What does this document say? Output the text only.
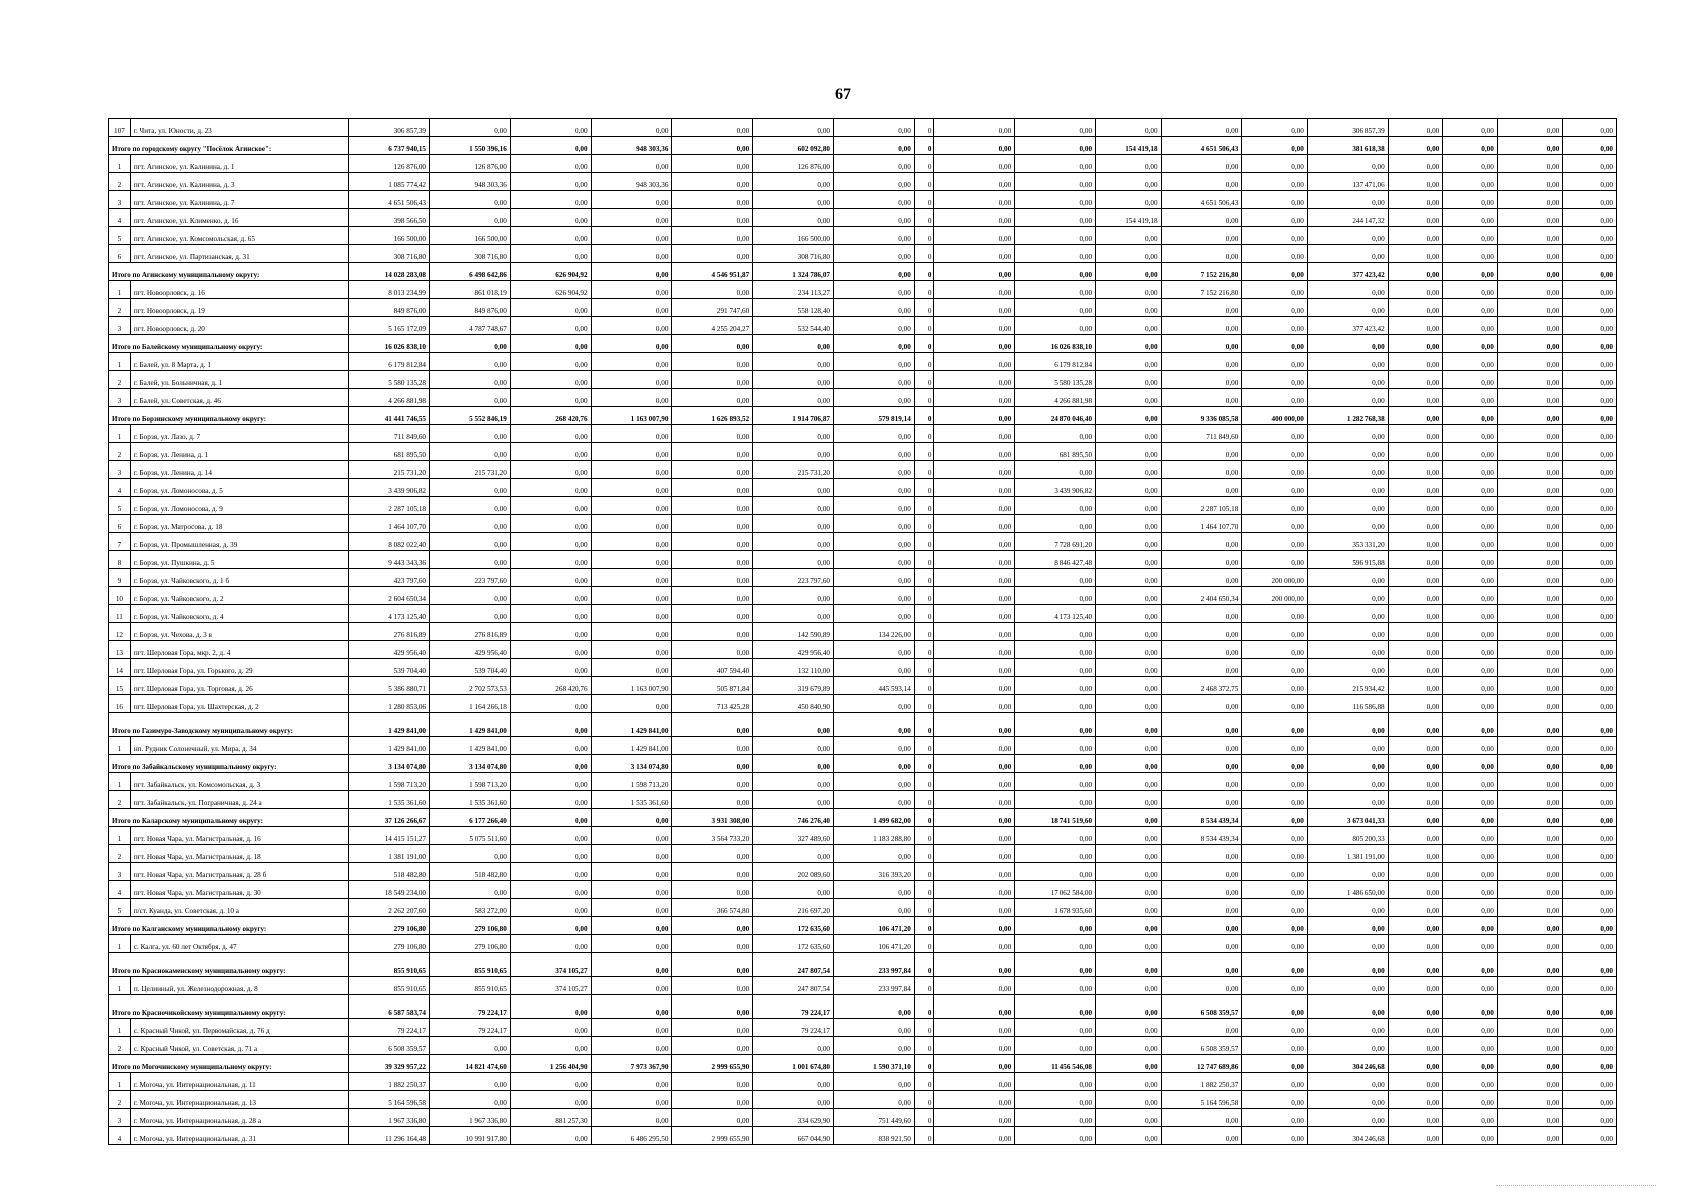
67
107	г. Чита, ул. Юности, д. 23	306 857,39	0,00	0,00	0,00	0,00	0,00	0,00	0	0,00	0,00	0,00	0,00	0,00	306 857,39	0,00	0,00	0,00	0,00
Итого по городскому округу "Посёлок Агинское":		6 737 940,15	1 550 396,16	0,00	948 303,36	0,00	602 092,80	0,00	0	0,00	0,00	154 419,18	4 651 506,43	0,00	381 618,38	0,00	0,00	0,00	0,00
1	пгт. Агинское, ул. Калинина, д. 1	126 876,00	126 876,00	0,00	0,00	0,00	126 876,00	0,00	0	0,00	0,00	0,00	0,00	0,00	0,00	0,00	0,00	0,00	0,00
2	пгт. Агинское, ул. Калинина, д. 3	1 085 774,42	948 303,36	0,00	948 303,36	0,00	0,00	0,00	0	0,00	0,00	0,00	0,00	0,00	137 471,06	0,00	0,00	0,00	0,00
3	пгт. Агинское, ул. Калинина, д. 7	4 651 506,43	0,00	0,00	0,00	0,00	0,00	0,00	0	0,00	0,00	0,00	4 651 506,43	0,00	0,00	0,00	0,00	0,00	0,00
4	пгт. Агинское, ул. Клименко, д. 16	398 566,50	0,00	0,00	0,00	0,00	0,00	0,00	0	0,00	0,00	154 419,18	0,00	0,00	244 147,32	0,00	0,00	0,00	0,00
5	пгт. Агинское, ул. Комсомольская, д. 65	166 500,00	166 500,00	0,00	0,00	0,00	166 500,00	0,00	0	0,00	0,00	0,00	0,00	0,00	0,00	0,00	0,00	0,00	0,00
6	пгт. Агинское, ул. Партизанская, д. 31	308 716,80	308 716,80	0,00	0,00	0,00	308 716,80	0,00	0	0,00	0,00	0,00	0,00	0,00	0,00	0,00	0,00	0,00	0,00
Итого по Агинскому муниципальному округу:		14 028 283,08	6 498 642,86	626 904,92	0,00	4 546 951,87	1 324 786,07	0,00	0	0,00	0,00	0,00	7 152 216,80	0,00	377 423,42	0,00	0,00	0,00	0,00
1	пгт. Новоорловск, д. 16	8 013 234,99	861 018,19	626 904,92	0,00	0,00	234 113,27	0,00	0	0,00	0,00	0,00	7 152 216,80	0,00	0,00	0,00	0,00	0,00	0,00
2	пгт. Новоорловск, д. 19	849 876,00	849 876,00	0,00	0,00	291 747,60	558 128,40	0,00	0	0,00	0,00	0,00	0,00	0,00	0,00	0,00	0,00	0,00	0,00
3	пгт. Новоорловск, д. 20	5 165 172,09	4 787 748,67	0,00	0,00	4 255 204,27	532 544,40	0,00	0	0,00	0,00	0,00	0,00	0,00	377 423,42	0,00	0,00	0,00	0,00
Итого по Балейскому муниципальному округу:		16 026 838,10	0,00	0,00	0,00	0,00	0,00	0,00	0	0,00	16 026 838,10	0,00	0,00	0,00	0,00	0,00	0,00	0,00	0,00
1	г. Балей, ул. 8 Марта, д. 1	6 179 812,84	0,00	0,00	0,00	0,00	0,00	0,00	0	0,00	6 179 812,84	0,00	0,00	0,00	0,00	0,00	0,00	0,00	0,00
2	г. Балей, ул. Больничная, д. 1	5 580 135,28	0,00	0,00	0,00	0,00	0,00	0,00	0	0,00	5 580 135,28	0,00	0,00	0,00	0,00	0,00	0,00	0,00	0,00
3	г. Балей, ул. Советская, д. 46	4 266 881,98	0,00	0,00	0,00	0,00	0,00	0,00	0	0,00	4 266 881,98	0,00	0,00	0,00	0,00	0,00	0,00	0,00	0,00
Итого по Борзинскому муниципальному округу:		41 441 746,55	5 552 846,19	268 420,76	1 163 007,90	1 626 893,52	1 914 706,87	579 819,14	0	0,00	24 870 046,40	0,00	9 336 085,58	400 000,00	1 282 768,38	0,00	0,00	0,00	0,00
1	г. Борзя, ул. Лазо, д. 7	711 849,60	0,00	0,00	0,00	0,00	0,00	0,00	0	0,00	0,00	0,00	711 849,60	0,00	0,00	0,00	0,00	0,00	0,00
2	г. Борзя, ул. Ленина, д. 1	681 895,50	0,00	0,00	0,00	0,00	0,00	0,00	0	0,00	681 895,50	0,00	0,00	0,00	0,00	0,00	0,00	0,00	0,00
3	г. Борзя, ул. Ленина, д. 14	215 731,20	215 731,20	0,00	0,00	0,00	215 731,20	0,00	0	0,00	0,00	0,00	0,00	0,00	0,00	0,00	0,00	0,00	0,00
4	г. Борзя, ул. Ломоносова, д. 5	3 439 906,82	0,00	0,00	0,00	0,00	0,00	0,00	0	0,00	3 439 906,82	0,00	0,00	0,00	0,00	0,00	0,00	0,00	0,00
5	г. Борзя, ул. Ломоносова, д. 9	2 287 105,18	0,00	0,00	0,00	0,00	0,00	0,00	0	0,00	0,00	0,00	2 287 105,18	0,00	0,00	0,00	0,00	0,00	0,00
6	г. Борзя, ул. Матросова, д. 18	1 464 107,70	0,00	0,00	0,00	0,00	0,00	0,00	0	0,00	0,00	0,00	1 464 107,70	0,00	0,00	0,00	0,00	0,00	0,00
7	г. Борзя, ул. Промышленная, д. 39	8 082 022,40	0,00	0,00	0,00	0,00	0,00	0,00	0	0,00	7 728 691,20	0,00	0,00	0,00	353 331,20	0,00	0,00	0,00	0,00
8	г. Борзя, ул. Пушкина, д. 5	9 443 343,36	0,00	0,00	0,00	0,00	0,00	0,00	0	0,00	8 846 427,48	0,00	0,00	0,00	596 915,88	0,00	0,00	0,00	0,00
9	г. Борзя, ул. Чайковского, д. 1 б	423 797,60	223 797,60	0,00	0,00	0,00	223 797,60	0,00	0	0,00	0,00	0,00	0,00	200 000,00	0,00	0,00	0,00	0,00	0,00
10	г. Борзя, ул. Чайковского, д. 2	2 604 650,34	0,00	0,00	0,00	0,00	0,00	0,00	0	0,00	0,00	0,00	2 404 650,34	200 000,00	0,00	0,00	0,00	0,00	0,00
11	г. Борзя, ул. Чайковского, д. 4	4 173 125,40	0,00	0,00	0,00	0,00	0,00	0,00	0	0,00	4 173 125,40	0,00	0,00	0,00	0,00	0,00	0,00	0,00	0,00
12	г. Борзя, ул. Чехова, д. 3 в	276 816,89	276 816,89	0,00	0,00	0,00	142 590,89	134 226,00	0	0,00	0,00	0,00	0,00	0,00	0,00	0,00	0,00	0,00	0,00
13	пгт. Шерловая Гора, мкр. 2, д. 4	429 956,40	429 956,40	0,00	0,00	0,00	429 956,40	0,00	0	0,00	0,00	0,00	0,00	0,00	0,00	0,00	0,00	0,00	0,00
14	пгт. Шерловая Гора, ул. Горького, д. 29	539 704,40	539 704,40	0,00	0,00	407 594,40	132 110,00	0,00	0	0,00	0,00	0,00	0,00	0,00	0,00	0,00	0,00	0,00	0,00
15	пгт. Шерловая Гора, ул. Торговая, д. 26	5 386 880,71	2 702 573,53	268 420,76	1 163 007,90	505 871,84	319 679,89	445 593,14	0	0,00	0,00	0,00	2 468 372,75	0,00	215 934,42	0,00	0,00	0,00	0,00
16	пгт. Шерловая Гора, ул. Шахтерская, д. 2	1 280 853,06	1 164 266,18	0,00	0,00	713 425,28	450 840,90	0,00	0	0,00	0,00	0,00	0,00	0,00	116 586,88	0,00	0,00	0,00	0,00
Итого по Газимуро-Заводскому муниципальному округу:		1 429 841,00	1 429 841,00	0,00	1 429 841,00	0,00	0,00	0,00	0	0,00	0,00	0,00	0,00	0,00	0,00	0,00	0,00	0,00	0,00
1	нп. Рудник Солонечный, ул. Мира, д. 34	1 429 841,00	1 429 841,00	0,00	1 429 841,00	0,00	0,00	0,00	0	0,00	0,00	0,00	0,00	0,00	0,00	0,00	0,00	0,00	0,00
Итого по Забайкальскому муниципальному округу:		3 134 074,80	3 134 074,80	0,00	3 134 074,80	0,00	0,00	0,00	0	0,00	0,00	0,00	0,00	0,00	0,00	0,00	0,00	0,00	0,00
1	пгт. Забайкальск, ул. Комсомольская, д. 3	1 598 713,20	1 598 713,20	0,00	1 598 713,20	0,00	0,00	0,00	0	0,00	0,00	0,00	0,00	0,00	0,00	0,00	0,00	0,00	0,00
2	пгт. Забайкальск, ул. Пограничная, д. 24 а	1 535 361,60	1 535 361,60	0,00	1 535 361,60	0,00	0,00	0,00	0	0,00	0,00	0,00	0,00	0,00	0,00	0,00	0,00	0,00	0,00
Итого по Каларскому муниципальному округу:		37 126 266,67	6 177 266,40	0,00	0,00	3 931 308,00	746 276,40	1 499 682,00	0	0,00	18 741 519,60	0,00	8 534 439,34	0,00	3 673 041,33	0,00	0,00	0,00	0,00
1	пгт. Новая Чара, ул. Магистральная, д. 16	14 415 151,27	5 075 511,60	0,00	0,00	3 564 733,20	327 489,60	1 183 288,80	0	0,00	0,00	0,00	8 534 439,34	0,00	805 200,33	0,00	0,00	0,00	0,00
2	пгт. Новая Чара, ул. Магистральная, д. 18	1 381 191,00	0,00	0,00	0,00	0,00	0,00	0,00	0	0,00	0,00	0,00	0,00	0,00	1 381 191,00	0,00	0,00	0,00	0,00
3	пгт. Новая Чара, ул. Магистральная, д. 28 б	518 482,80	518 482,80	0,00	0,00	0,00	202 089,60	316 393,20	0	0,00	0,00	0,00	0,00	0,00	0,00	0,00	0,00	0,00	0,00
4	пгт. Новая Чара, ул. Магистральная, д. 30	18 549 234,00	0,00	0,00	0,00	0,00	0,00	0,00	0	0,00	17 062 584,00	0,00	0,00	0,00	1 486 650,00	0,00	0,00	0,00	0,00
5	п/ст. Куанда, ул. Советская, д. 10 а	2 262 207,60	583 272,00	0,00	0,00	366 574,80	216 697,20	0,00	0	0,00	1 678 935,60	0,00	0,00	0,00	0,00	0,00	0,00	0,00	0,00
Итого по Калганскому муниципальному округу:		279 106,80	279 106,80	0,00	0,00	0,00	172 635,60	106 471,20	0	0,00	0,00	0,00	0,00	0,00	0,00	0,00	0,00	0,00	0,00
1	с. Калга, ул. 60 лет Октября, д. 47	279 106,80	279 106,80	0,00	0,00	0,00	172 635,60	106 471,20	0	0,00	0,00	0,00	0,00	0,00	0,00	0,00	0,00	0,00	0,00
Итого по Краснокаменскому муниципальному округу:		855 910,65	855 910,65	374 105,27	0,00	0,00	247 807,54	233 997,84	0	0,00	0,00	0,00	0,00	0,00	0,00	0,00	0,00	0,00	0,00
1	п. Целинный, ул. Железнодорожная, д. 8	855 910,65	855 910,65	374 105,27	0,00	0,00	247 807,54	233 997,84	0	0,00	0,00	0,00	0,00	0,00	0,00	0,00	0,00	0,00	0,00
Итого по Красночикойскому муниципальному округу:		6 587 583,74	79 224,17	0,00	0,00	0,00	79 224,17	0,00	0	0,00	0,00	0,00	6 508 359,57	0,00	0,00	0,00	0,00	0,00	0,00
1	с. Красный Чикой, ул. Первомайская, д. 76 д	79 224,17	79 224,17	0,00	0,00	0,00	79 224,17	0,00	0	0,00	0,00	0,00	0,00	0,00	0,00	0,00	0,00	0,00	0,00
2	с. Красный Чикой, ул. Советская, д. 71 а	6 508 359,57	0,00	0,00	0,00	0,00	0,00	0,00	0	0,00	0,00	0,00	6 508 359,57	0,00	0,00	0,00	0,00	0,00	0,00
Итого по Могочинскому муниципальному округу:		39 329 957,22	14 821 474,60	1 256 404,90	7 973 367,90	2 999 655,90	1 001 674,80	1 590 371,10	0	0,00	11 456 546,08	0,00	12 747 689,86	0,00	304 246,68	0,00	0,00	0,00	0,00
1	г. Могоча, ул. Интернациональная, д. 11	1 882 250,37	0,00	0,00	0,00	0,00	0,00	0,00	0	0,00	0,00	0,00	1 882 250,37	0,00	0,00	0,00	0,00	0,00	0,00
2	г. Могоча, ул. Интернациональная, д. 13	5 164 596,58	0,00	0,00	0,00	0,00	0,00	0,00	0	0,00	0,00	0,00	5 164 596,58	0,00	0,00	0,00	0,00	0,00	0,00
3	г. Могоча, ул. Интернациональная, д. 28 а	1 967 336,80	1 967 336,80	881 257,30	0,00	0,00	334 629,90	751 449,60	0	0,00	0,00	0,00	0,00	0,00	0,00	0,00	0,00	0,00	0,00
4	г. Могоча, ул. Интернациональная, д. 31	11 296 164,48	10 991 917,80	0,00	6 486 295,50	2 999 655,90	667 044,90	838 921,50	0	0,00	0,00	0,00	0,00	0,00	304 246,68	0,00	0,00	0,00	0,00
